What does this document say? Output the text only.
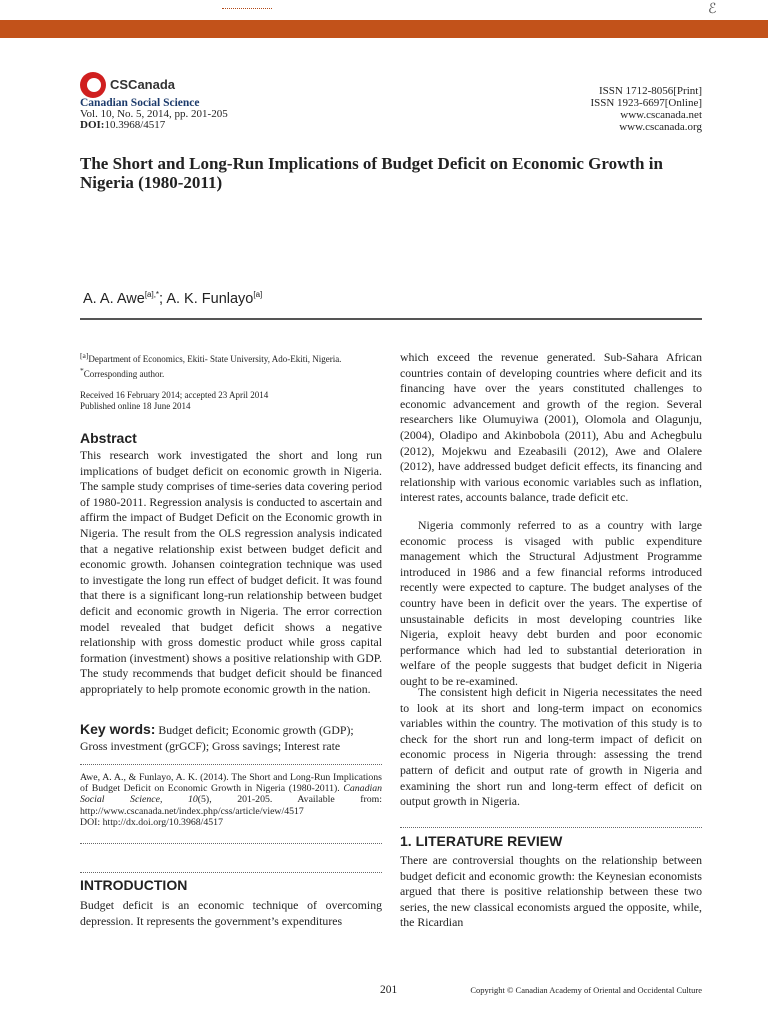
ℰ
CSCanada
Canadian Social Science
Vol. 10, No. 5, 2014, pp. 201-205
DOI:10.3968/4517
ISSN 1712-8056[Print]
ISSN 1923-6697[Online]
www.cscanada.net
www.cscanada.org
The Short and Long-Run Implications of Budget Deficit on Economic Growth in Nigeria (1980-2011)
A. A. Awe$^{[a],*}$; A. K. Funlayo[a]
[a]Department of Economics, Ekiti- State University, Ado-Ekiti, Nigeria.
*Corresponding author.
Received 16 February 2014; accepted 23 April 2014
Published online 18 June 2014
Abstract

This research work investigated the short and long run implications of budget deficit on economic growth in Nigeria. The sample study comprises of time-series data covering period of 1980-2011. Regression analysis is conducted to ascertain and affirm the impact of Budget Deficit on the Economic growth in Nigeria. The result from the OLS regression analysis indicated that a negative relationship exist between budget deficit and economic growth. Johansen cointegration technique was used to investigate the long run effect of budget deficit. It was found that there is a significant long-run relationship between budget deficit and economic growth in Nigeria. The error correction model revealed that budget deficit shows a negative relationship with gross domestic product while gross capital formation (investment) shows a positive relationship with GDP. The study recommends that budget deficit should be financed appropriately to help promote economic growth in the nation.

Key words: Budget deficit; Economic growth (GDP); Gross investment (grGCF); Gross savings; Interest rate
Awe, A. A., & Funlayo, A. K. (2014). The Short and Long-Run Implications of Budget Deficit on Economic Growth in Nigeria (1980-2011). Canadian Social Science, 10(5), 201-205. Available from: http://www.cscanada.net/index.php/css/article/view/4517
DOI: http://dx.doi.org/10.3968/4517
INTRODUCTION

Budget deficit is an economic technique of overcoming depression. It represents the government’s expenditures

which exceed the revenue generated. Sub-Sahara African countries contain of developing countries where deficit and its financing have over the years constituted challenges to economic advancement and growth of the region. Several researchers like Olumuyiwa (2001), Olomola and Olagunju, (2004), Oladipo and Akinbobola (2011), Abu and Achegbulu (2012), Mojekwu and Ezeabasili (2012), Awe and Olalere (2012), have addressed budget deficit effects, its financing and relationship with various economic variables such as inflation, interest rates, accounts balance, trade deficit etc.

Nigeria commonly referred to as a country with large economic process is visaged with public expenditure management which the Structural Adjustment Programme introduced in 1986 and a few financial reforms introduced recently were expected to capture. The budget analyses of the country have been in deficit over the years. The expertise of unsustainable deficits in most developing countries like Nigeria, exploit heavy debt burden and poor economic performance which had led to substantial deterioration in welfare of the people suggests that budget deficit in Nigeria ought to be re-examined.

The consistent high deficit in Nigeria necessitates the need to look at its short and long-term impact on economics variables within the country. The motivation of this study is to check for the short run and long-term impact of deficit on economic process in Nigeria through: assessing the trend pattern of deficit and output rate of growth in Nigeria and examining the short run and long-term effect of deficit on output growth in Nigeria.

1. LITERATURE REVIEW

There are controversial thoughts on the relationship between budget deficit and economic growth: the Keynesian economists argued that there is positive relationship between these two series, the new classical economists argued the opposite, while, the Ricardian

201	Copyright © Canadian Academy of Oriental and Occidental Culture
